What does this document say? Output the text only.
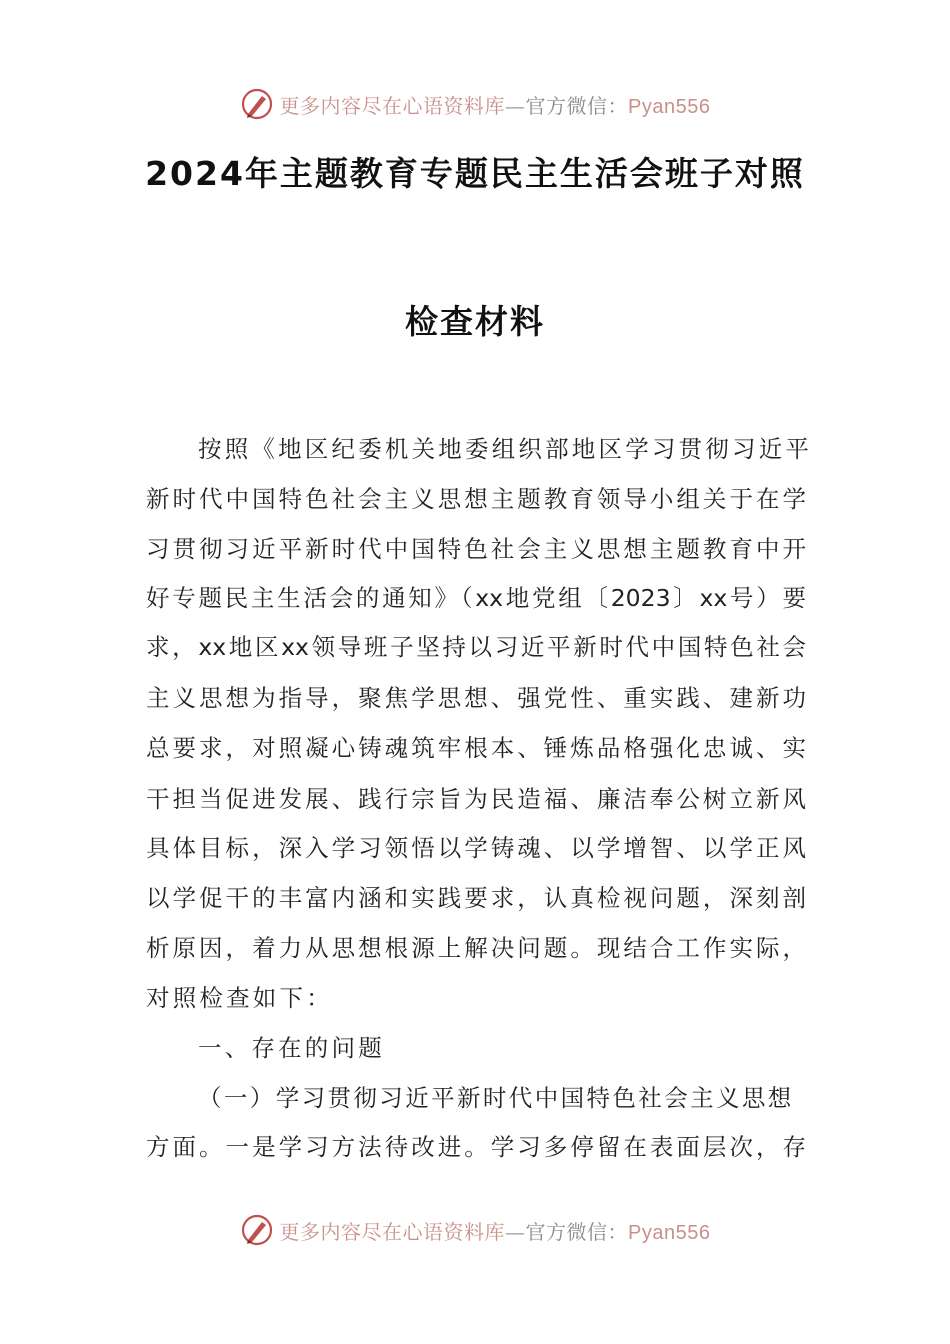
更多内容尽在心语资料库—官方微信：Pyan556
2024年主题教育专题民主生活会班子对照
检查材料
按照《地区纪委机关地委组织部地区学习贯彻习近平
新时代中国特色社会主义思想主题教育领导小组关于在学
习贯彻习近平新时代中国特色社会主义思想主题教育中开
好专题民主生活会的通知》（xx地党组〔2023〕xx号）要
求，xx地区xx领导班子坚持以习近平新时代中国特色社会
主义思想为指导，聚焦学思想、强党性、重实践、建新功
总要求，对照凝心铸魂筑牢根本、锤炼品格强化忠诚、实
干担当促进发展、践行宗旨为民造福、廉洁奉公树立新风
具体目标，深入学习领悟以学铸魂、以学增智、以学正风
以学促干的丰富内涵和实践要求，认真检视问题，深刻剖
析原因，着力从思想根源上解决问题。现结合工作实际，
对照检查如下：
一、存在的问题
（一）学习贯彻习近平新时代中国特色社会主义思想
方面。一是学习方法待改进。学习多停留在表面层次，存
更多内容尽在心语资料库—官方微信：Pyan556
